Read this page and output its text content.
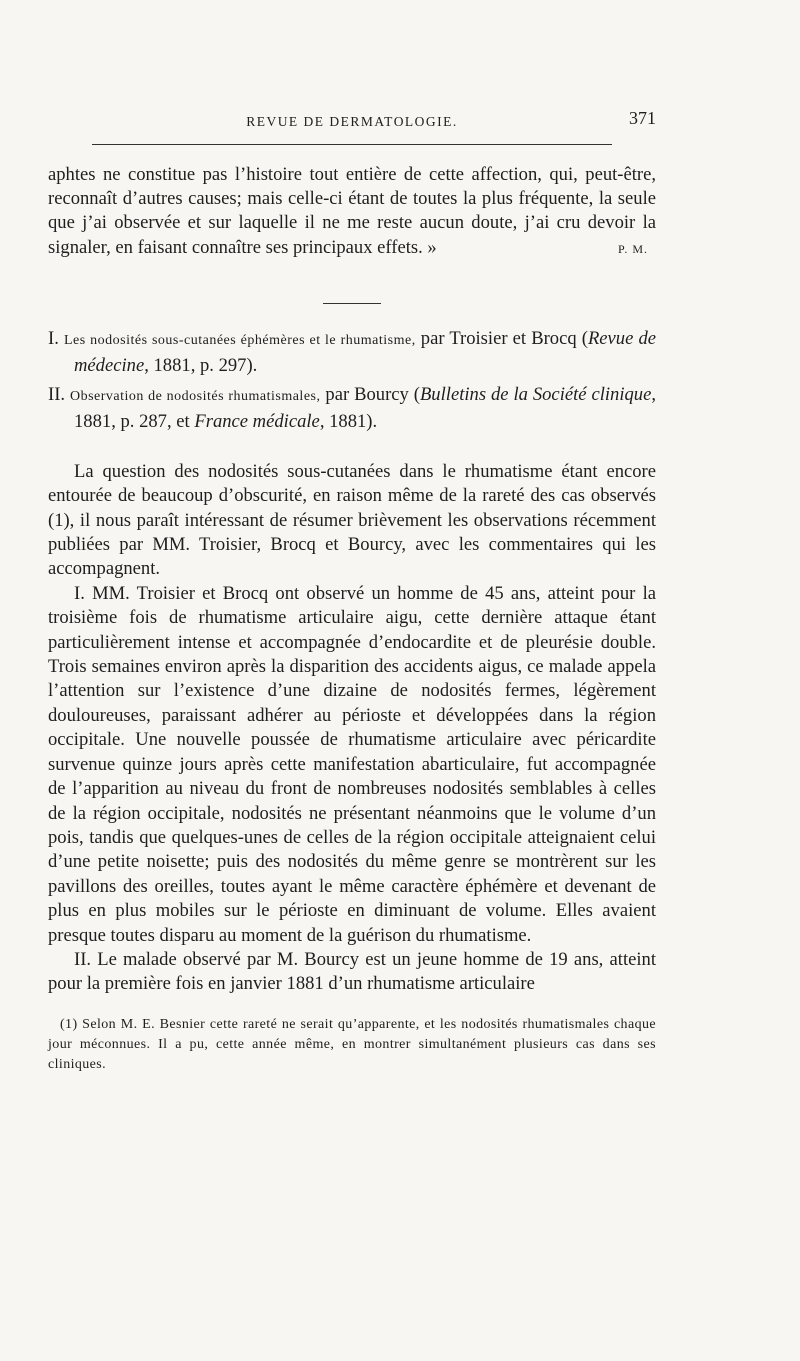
REVUE DE DERMATOLOGIE.	371

aphtes ne constitue pas l’histoire tout entière de cette affection, qui, peut-être, reconnaît d’autres causes; mais celle-ci étant de toutes la plus fréquente, la seule que j’ai observée et sur laquelle il ne me reste aucun doute, j’ai cru devoir la signaler, en faisant connaître ses principaux effets. »	P. M.

I. Les nodosités sous-cutanées éphémères et le rhumatisme, par Troisier et Brocq (Revue de médecine, 1881, p. 297).

II. Observation de nodosités rhumatismales, par Bourcy (Bulletins de la Société clinique, 1881, p. 287, et France médicale, 1881).

La question des nodosités sous-cutanées dans le rhumatisme étant encore entourée de beaucoup d’obscurité, en raison même de la rareté des cas observés (1), il nous paraît intéressant de résumer brièvement les observations récemment publiées par MM. Troisier, Brocq et Bourcy, avec les commentaires qui les accompagnent.

I. MM. Troisier et Brocq ont observé un homme de 45 ans, atteint pour la troisième fois de rhumatisme articulaire aigu, cette dernière attaque étant particulièrement intense et accompagnée d’endocardite et de pleurésie double. Trois semaines environ après la disparition des accidents aigus, ce malade appela l’attention sur l’existence d’une dizaine de nodosités fermes, légèrement douloureuses, paraissant adhérer au périoste et développées dans la région occipitale. Une nouvelle poussée de rhumatisme articulaire avec péricardite survenue quinze jours après cette manifestation abarticulaire, fut accompagnée de l’apparition au niveau du front de nombreuses nodosités semblables à celles de la région occipitale, nodosités ne présentant néanmoins que le volume d’un pois, tandis que quelques-unes de celles de la région occipitale atteignaient celui d’une petite noisette; puis des nodosités du même genre se montrèrent sur les pavillons des oreilles, toutes ayant le même caractère éphémère et devenant de plus en plus mobiles sur le périoste en diminuant de volume. Elles avaient presque toutes disparu au moment de la guérison du rhumatisme.

II. Le malade observé par M. Bourcy est un jeune homme de 19 ans, atteint pour la première fois en janvier 1881 d’un rhumatisme articulaire

(1) Selon M. E. Besnier cette rareté ne serait qu’apparente, et les nodosités rhumatismales chaque jour méconnues. Il a pu, cette année même, en montrer simultanément plusieurs cas dans ses cliniques.
